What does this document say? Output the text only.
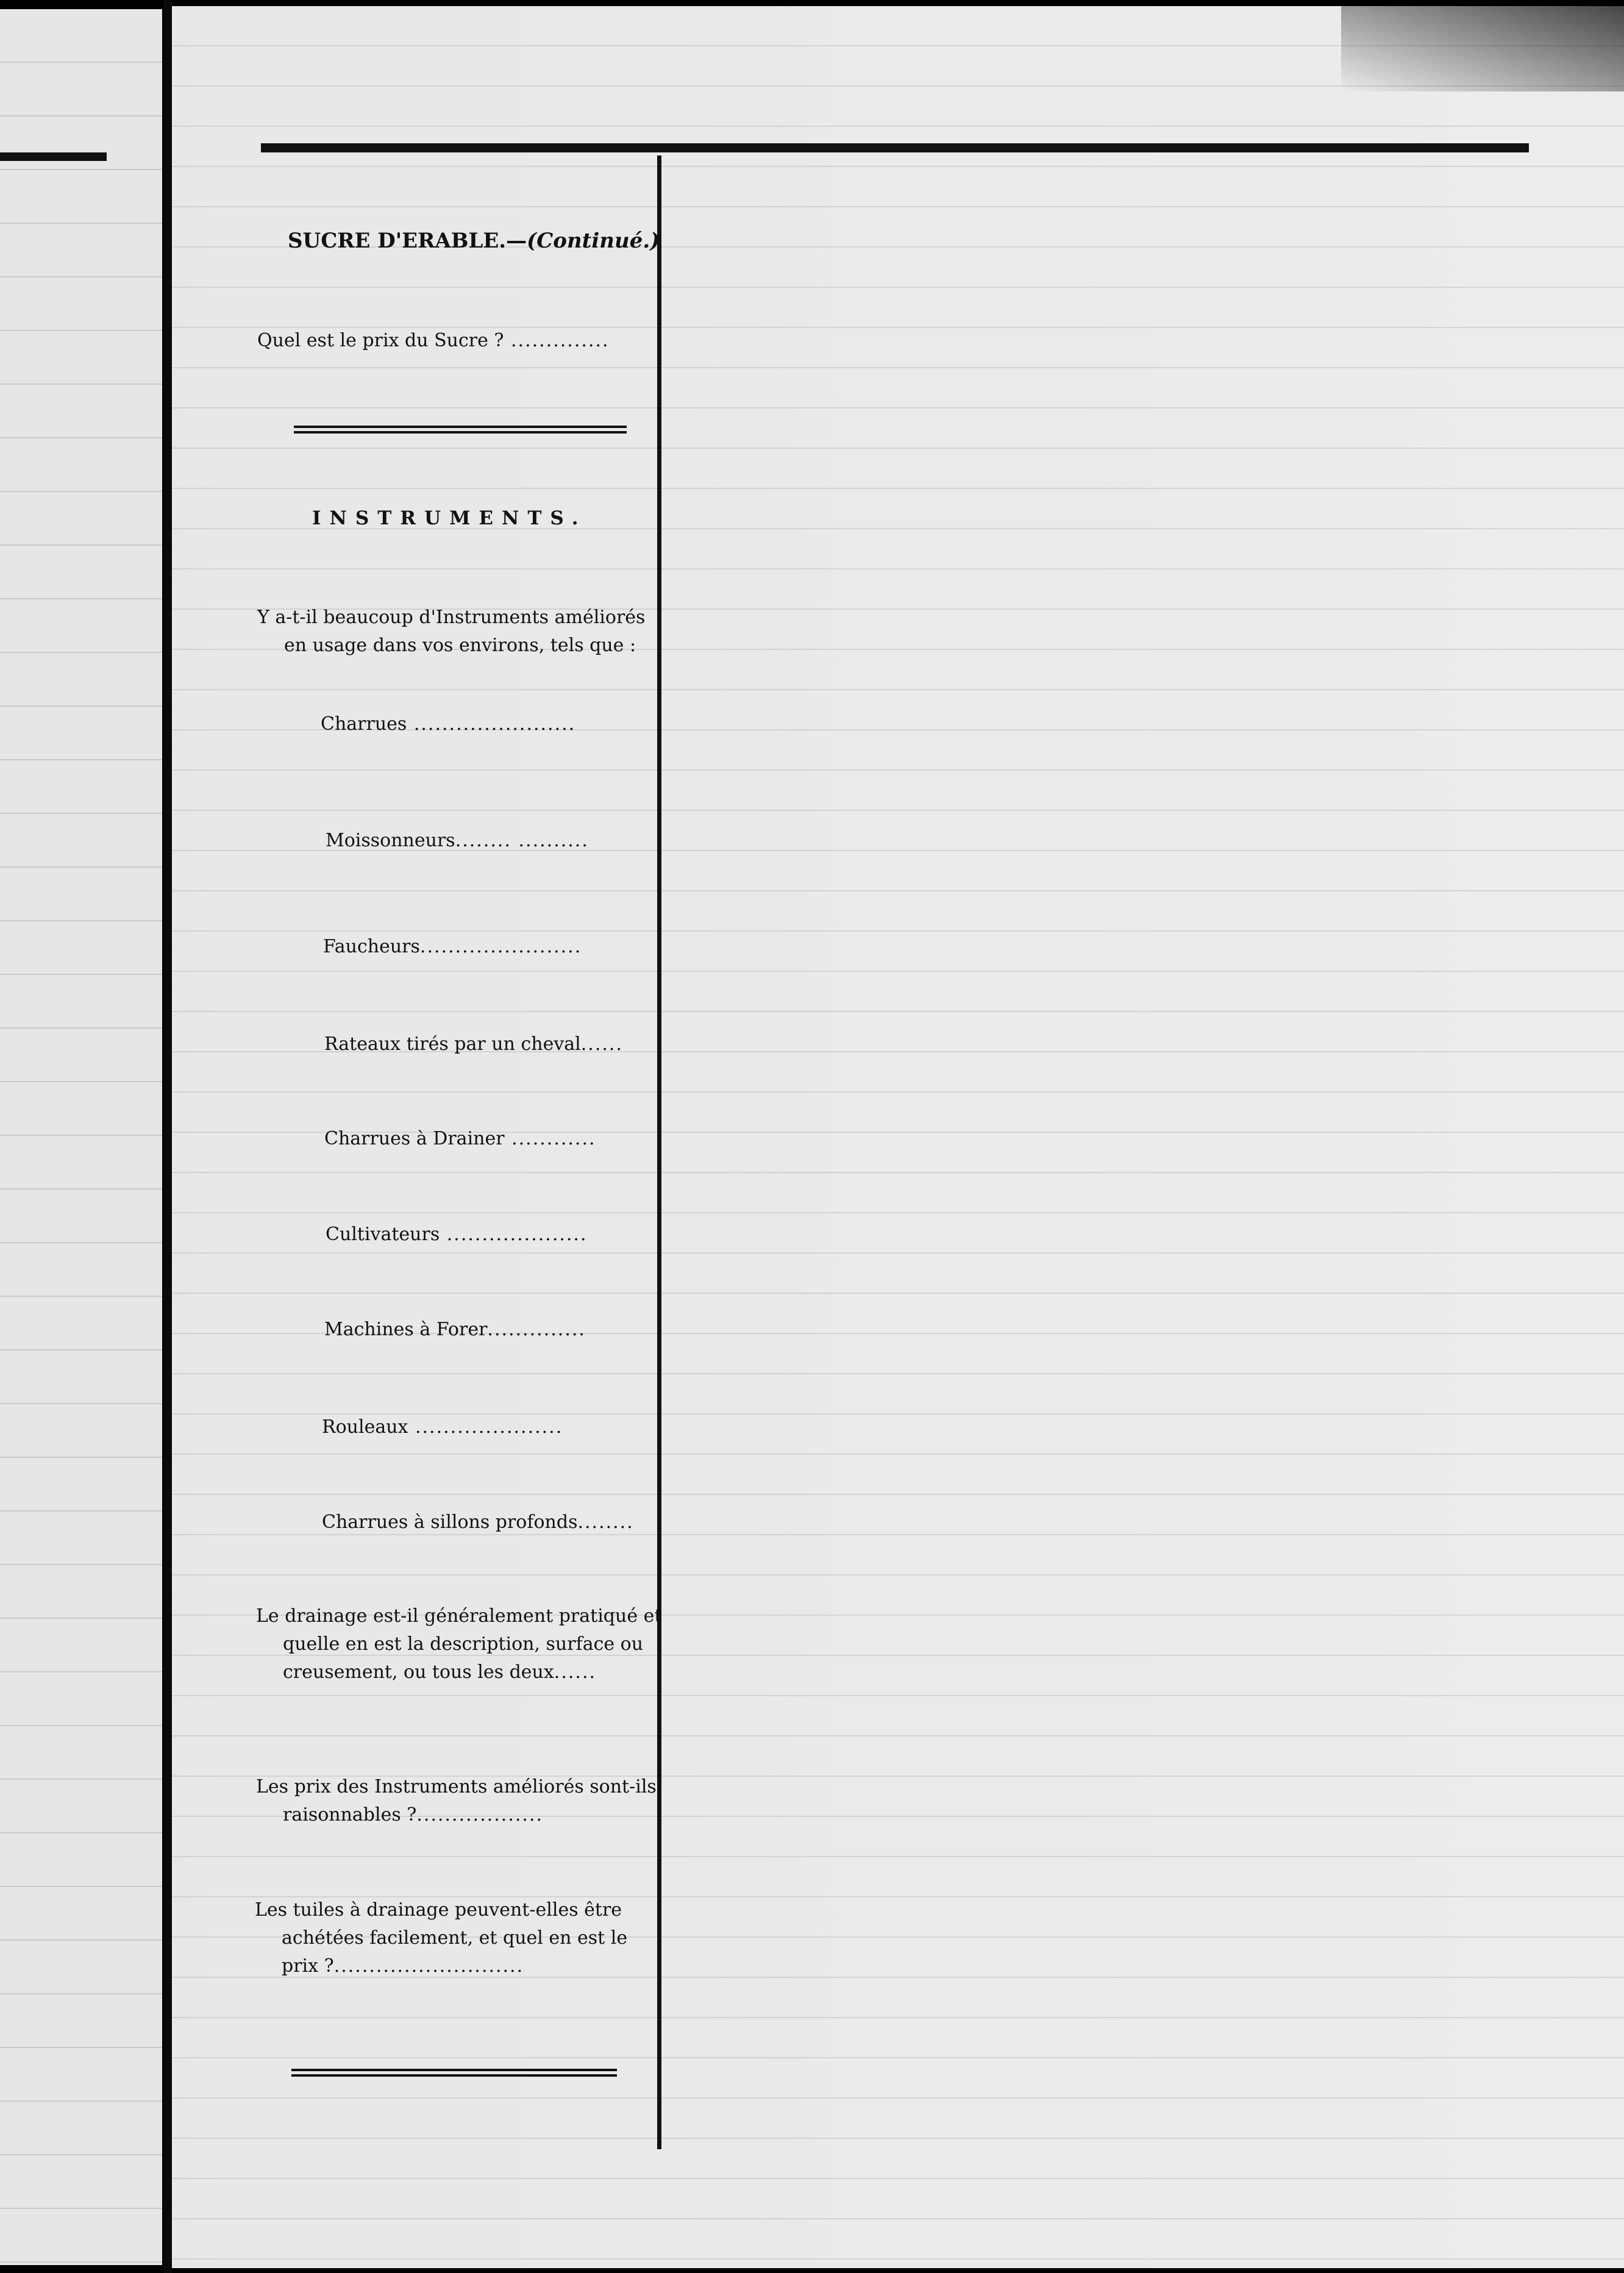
SUCRE D'ERABLE.—(Continué.)
Quel est le prix du Sucre ? ..............
INSTRUMENTS.
Y a-t-il beaucoup d'Instruments améliorés
en usage dans vos environs, tels que :
Charrues .......................
Moissonneurs........ ..........
Faucheurs.......................
Rateaux tirés par un cheval......
Charrues à Drainer ............
Cultivateurs ....................
Machines à Forer..............
Rouleaux .....................
Charrues à sillons profonds........
Le drainage est-il généralement pratiqué et
quelle en est la description, surface ou
creusement, ou tous les deux......
Les prix des Instruments améliorés sont-ils
raisonnables ?..................
Les tuiles à drainage peuvent-elles être
achétées facilement, et quel en est le
prix ?...........................
